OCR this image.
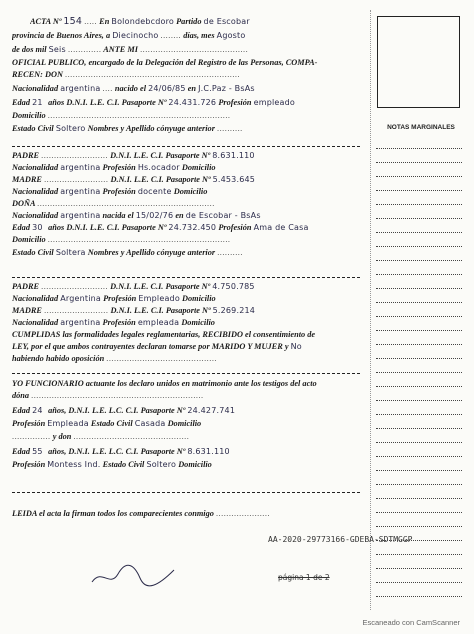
ACTA Nº 154 ..... En Bolondebcdoro Partido de Escobar
provincia de Buenos Aires, a Diecinocho ........ días, mes Agosto
de dos mil Seis ............. ANTE MI ..........................................
OFICIAL PUBLICO, encargado de la Delegación del Registro de las Personas, COMPA-
RECEN: DON ....................................................................
Nacionalidad argentina .... nacido el 24/06/85 en J.C.Paz - BsAs
Edad 21 años D.N.I. L.E. C.I. Pasaporte Nº 24.431.726 Profesión empleado
Domicilio .......................................................................
Estado Civil Soltero Nombres y Apellido cónyuge anterior ..........
PADRE .......................... D.N.I. L.E. C.I. Pasaporte Nº 8.631.110
Nacionalidad argentina Profesión Hs.ocador Domicilio
MADRE ......................... D.N.I. L.E. C.I. Pasaporte Nº 5.453.645
Nacionalidad argentina Profesión docente Domicilio
DOÑA .....................................................................
Nacionalidad argentina nacida el 15/02/76 en de Escobar - BsAs
Edad 30 años D.N.I. L.E. C.I. Pasaporte Nº 24.732.450 Profesión Ama de Casa
Domicilio .......................................................................
Estado Civil Soltera Nombres y Apellido cónyuge anterior ..........
PADRE .......................... D.N.I. L.E. C.I. Pasaporte Nº 4.750.785
Nacionalidad Argentina Profesión Empleado Domicilio
MADRE ......................... D.N.I. L.E. C.I. Pasaporte Nº 5.269.214
Nacionalidad argentina Profesión empleada Domicilio
CUMPLIDAS las formalidades legales reglamentarias, RECIBIDO el consentimiento de
LEY, por el que ambos contrayentes declaran tomarse por MARIDO Y MUJER y No
habiendo habido oposición ...........................................
YO FUNCIONARIO actuante los declaro unidos en matrimonio ante los testigos del acto
dóna ...................................................................
Edad 24 años, D.N.I. L.E. L.C. C.I. Pasaporte Nº 24.427.741
Profesión Empleada Estado Civil Casada Domicilio
............... y don .............................................
Edad 55 años, D.N.I. L.E. L.C. C.I. Pasaporte Nº 8.631.110
Profesión Montess Ind. Estado Civil Soltero Domicilio
LEIDA el acta la firman todos los comparecientes conmigo .....................
AA-2020-29773166-GDEBA-SDTMGGP
página 1 de 2
NOTAS MARGINALES
Escaneado con CamScanner
